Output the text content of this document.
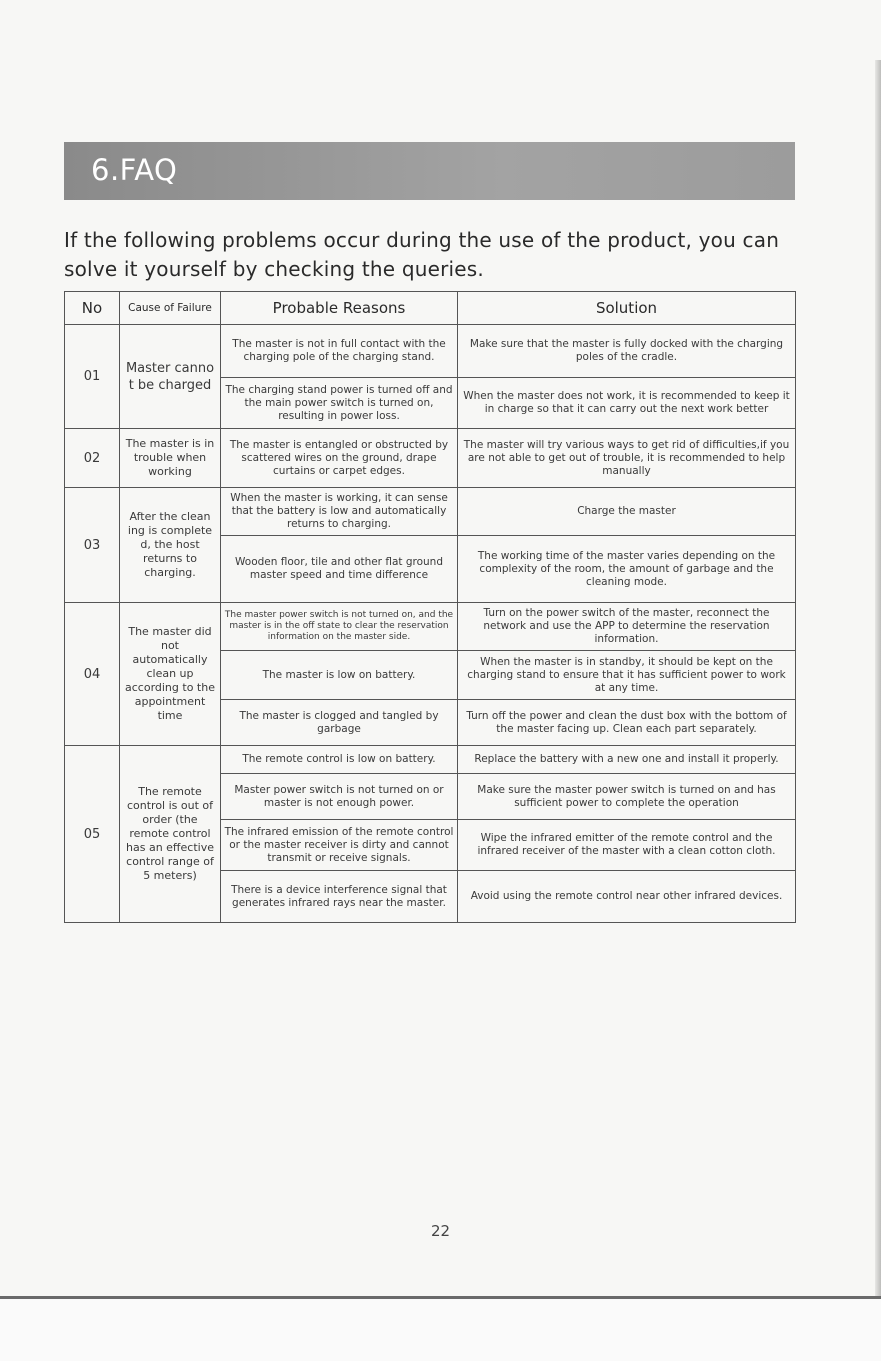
6.FAQ
If the following problems occur during the use of the product, you can solve it yourself by checking the queries.
No	Cause of Failure	Probable Reasons	Solution
01	Master canno t be charged	The master is not in full contact with the charging pole of the charging stand.	Make sure that the master is fully docked with the charging poles of the cradle.
		The charging stand power is turned off and the main power switch is turned on, resulting in power loss.	When the master does not work, it is recommended to keep it in charge so that it can carry out the next work better
02	The master is in trouble when working	The master is entangled or obstructed by scattered wires on the ground, drape curtains or carpet edges.	The master will try various ways to get rid of difficulties,if you are not able to get out of trouble, it is recommended to help manually
03	After the clean ing is complete d, the host returns to charging.	When the master is working, it can sense that the battery is low and automatically returns to charging.	Charge the master
		Wooden floor, tile and other flat ground master speed and time difference	The working time of the master varies depending on the complexity of the room, the amount of garbage and the cleaning mode.
04	The master did not automatically clean up according to the appointment time	The master power switch is not turned on, and the master is in the off state to clear the reservation information on the master side.	Turn on the power switch of the master, reconnect the network and use the APP to determine the reservation information.
		The master is low on battery.	When the master is in standby, it should be kept on the charging stand to ensure that it has sufficient power to work at any time.
		The master is clogged and tangled by garbage	Turn off the power and clean the dust box with the bottom of the master facing up. Clean each part separately.
05	The remote control is out of order (the remote control has an effective control range of 5 meters)	The remote control is low on battery.	Replace the battery with a new one and install it properly.
		Master power switch is not turned on or master is not enough power.	Make sure the master power switch is turned on and has sufficient power to complete the operation
		The infrared emission of the remote control or the master receiver is dirty and cannot transmit or receive signals.	Wipe the infrared emitter of the remote control and the infrared receiver of the master with a clean cotton cloth.
		There is a device interference signal that generates infrared rays near the master.	Avoid using the remote control near other infrared devices.
22
